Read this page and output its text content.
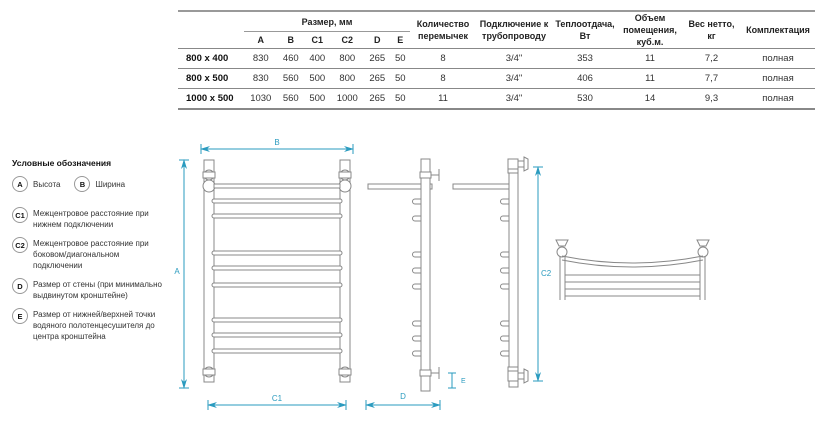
	Размер, мм						Количество перемычек	Подключение к трубопроводу	Теплоотдача, Вт	Объем помещения, куб.м.	Вес нетто, кг	Комплектация
	A	B	C1	C2	D	E						
800 x 400	830	460	400	800	265	50	8	3/4"	353	11	7,2	полная
800 x 500	830	560	500	800	265	50	8	3/4"	406	11	7,7	полная
1000 x 500	1030	560	500	1000	265	50	11	3/4"	530	14	9,3	полная
Условные обозначения
A	Высота	B	Ширина
C1	Межцентровое расстояние при нижнем подключении
C2	Межцентровое расстояние при боковом/диагональном подключении
D	Размер от стены (при минимально выдвинутом кронштейне)
E	Размер от нижней/верхней точки водяного полотенцесушителя до центра кронштейна
B
A
C1	D
E
C2
